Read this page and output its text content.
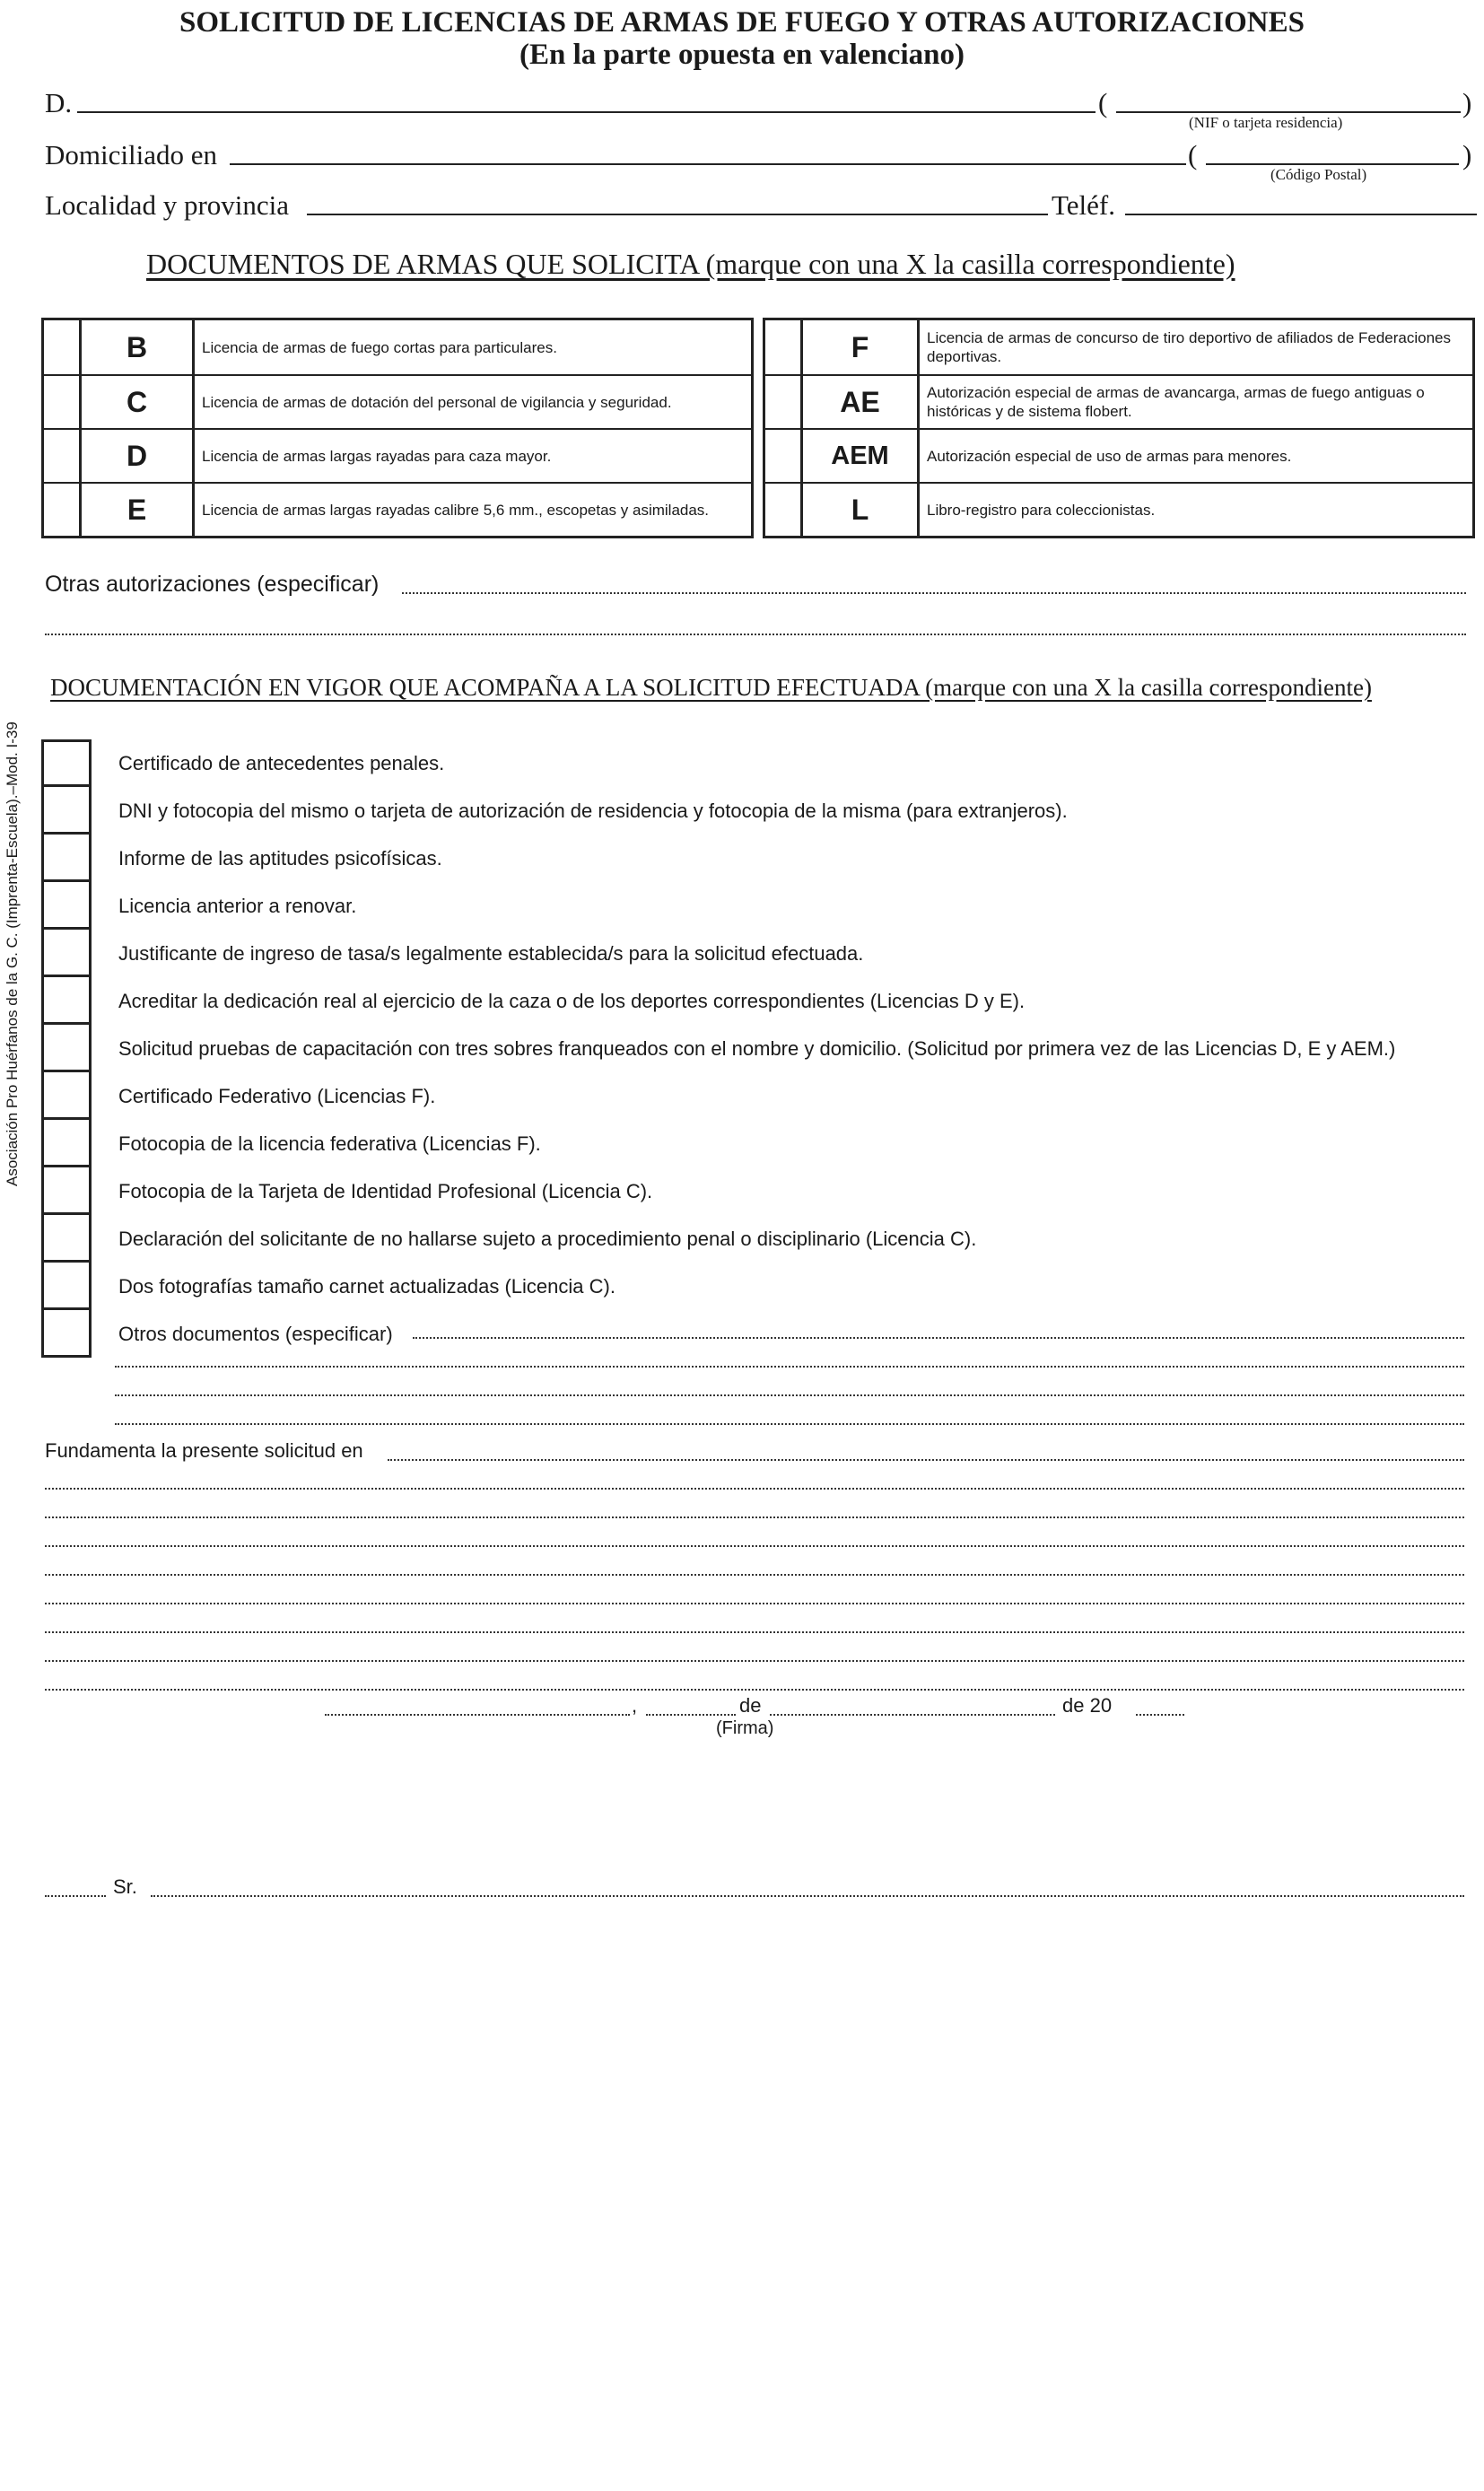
SOLICITUD DE LICENCIAS DE ARMAS DE FUEGO Y OTRAS AUTORIZACIONES
(En la parte opuesta en valenciano)
D.	(	)
(NIF o tarjeta residencia)
Domiciliado en	(	)
(Código Postal)
Localidad y provincia	Teléf.
DOCUMENTOS DE ARMAS QUE SOLICITA (marque con una X la casilla correspondiente)
B	Licencia de armas de fuego cortas para particulares.
C	Licencia de armas de dotación del personal de vigilancia y seguridad.
D	Licencia de armas largas rayadas para caza mayor.
E	Licencia de armas largas rayadas calibre 5,6 mm., escopetas y asimiladas.
F	Licencia de armas de concurso de tiro deportivo de afiliados de Federaciones deportivas.
AE	Autorización especial de armas de avancarga, armas de fuego antiguas o históricas y de sistema flobert.
AEM	Autorización especial de uso de armas para menores.
L	Libro-registro para coleccionistas.
Otras autorizaciones (especificar)
DOCUMENTACIÓN EN VIGOR QUE ACOMPAÑA A LA SOLICITUD EFECTUADA (marque con una X la casilla correspondiente)
Asociación Pro Huérfanos de la G. C. (Imprenta-Escuela).–Mod. I-39	Certificado de antecedentes penales.
DNI y fotocopia del mismo o tarjeta de autorización de residencia y fotocopia de la misma (para extranjeros).
Informe de las aptitudes psicofísicas.
Licencia anterior a renovar.
Justificante de ingreso de tasa/s legalmente establecida/s para la solicitud efectuada.
Acreditar la dedicación real al ejercicio de la caza o de los deportes correspondientes (Licencias D y E).
Solicitud pruebas de capacitación con tres sobres franqueados con el nombre y domicilio. (Solicitud por primera vez de las Licencias D, E y AEM.)
Certificado Federativo (Licencias F).
Fotocopia de la licencia federativa (Licencias F).
Fotocopia de la Tarjeta de Identidad Profesional (Licencia C).
Declaración del solicitante de no hallarse sujeto a procedimiento penal o disciplinario (Licencia C).
Dos fotografías tamaño carnet actualizadas (Licencia C).
Otros documentos (especificar)
Fundamenta la presente solicitud en
,	de	de 20
(Firma)
Sr.
